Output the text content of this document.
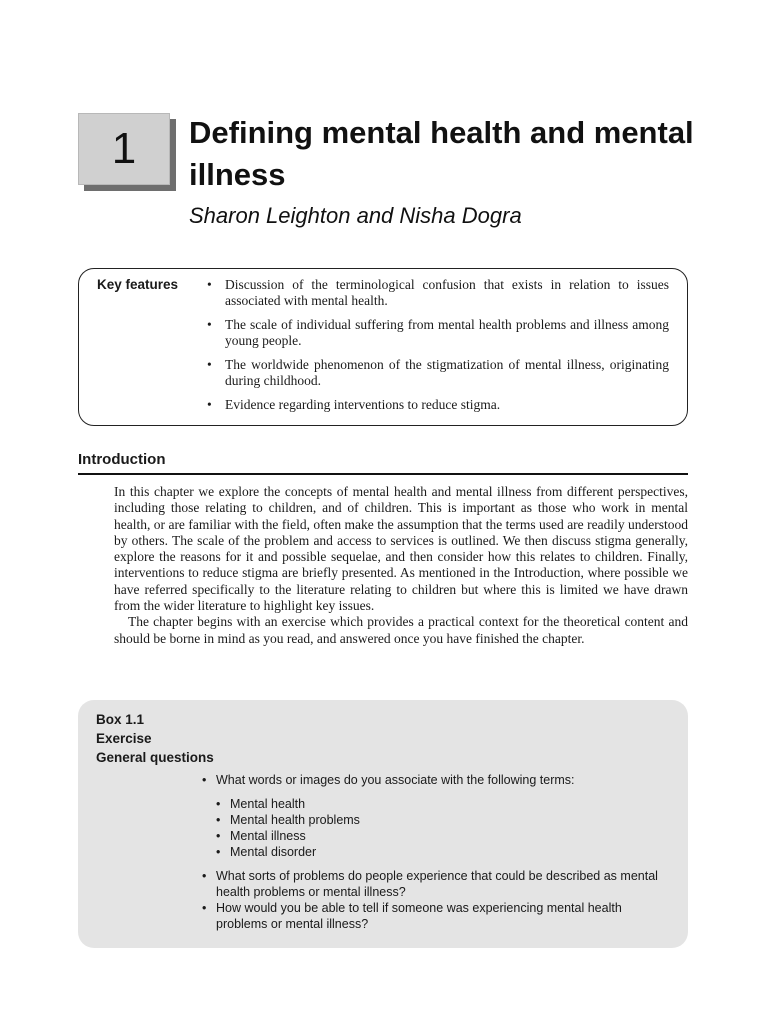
1 Defining mental health and mental illness
Sharon Leighton and Nisha Dogra
Key features
•	Discussion of the terminological confusion that exists in relation to issues associated with mental health.
• The scale of individual suffering from mental health problems and illness among young people.
• The worldwide phenomenon of the stigmatization of mental illness, originating during childhood.
• Evidence regarding interventions to reduce stigma.
Introduction

In this chapter we explore the concepts of mental health and mental illness from different perspectives, including those relating to children, and of children. This is important as those who work in mental health, or are familiar with the field, often make the assumption that the terms used are readily understood by others. The scale of the problem and access to services is outlined. We then discuss stigma generally, explore the reasons for it and possible sequelae, and then consider how this relates to children. Finally, interventions to reduce stigma are briefly presented. As mentioned in the Introduction, where possible we have referred specifically to the literature relating to children but where this is limited we have drawn from the wider literature to highlight key issues.

The chapter begins with an exercise which provides a practical context for the theoretical content and should be borne in mind as you read, and answered once you have finished the chapter.

Box 1.1
Exercise
General questions
• What words or images do you associate with the following terms:
• Mental health
• Mental health problems
• Mental illness
• Mental disorder
• What sorts of problems do people experience that could be described as mental health problems or mental illness?
• How would you be able to tell if someone was experiencing mental health problems or mental illness?
